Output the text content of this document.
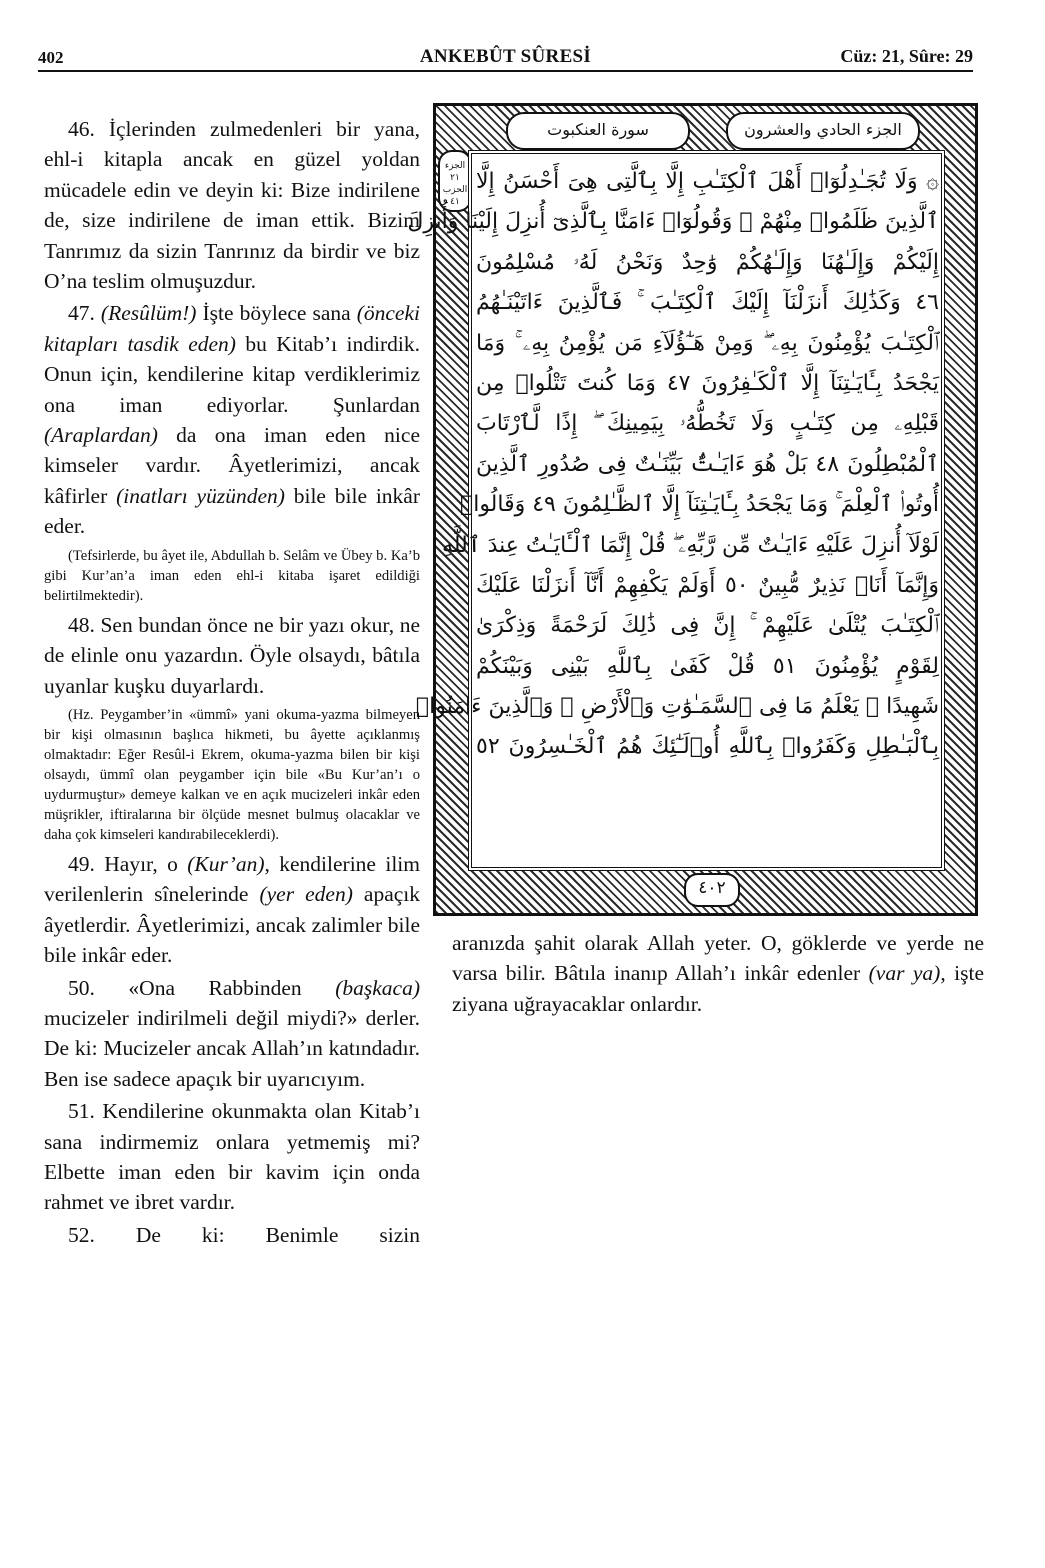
402	ANKEBÛT SÛRESİ	Cüz: 21, Sûre: 29

46. İçlerinden zulmedenleri bir yana, ehl-i kitapla ancak en güzel yoldan mücadele edin ve deyin ki: Bize indirilene de, size indirilene de iman ettik. Bizim Tanrımız da sizin Tanrınız da birdir ve biz O’na teslim olmuşuzdur.

47. (Resûlüm!) İşte böylece sana (önceki kitapları tasdik eden) bu Kitab’ı indirdik. Onun için, kendilerine kitap verdiklerimiz ona iman ediyorlar. Şunlardan (Araplardan) da ona iman eden nice kimseler vardır. Âyetlerimizi, ancak kâfirler (inatları yüzünden) bile bile inkâr eder.

(Tefsirlerde, bu âyet ile, Abdullah b. Selâm ve Übey b. Ka’b gibi Kur’an’a iman eden ehl-i kitaba işaret edildiği belirtilmektedir).

48. Sen bundan önce ne bir yazı okur, ne de elinle onu yazardın. Öyle olsaydı, bâtıla uyanlar kuşku duyarlardı.

(Hz. Peygamber’in «ümmî» yani okuma-yazma bilmeyen bir kişi olmasının başlıca hikmeti, bu âyette açıklanmış olmaktadır: Eğer Resûl-i Ekrem, okuma-yazma bilen bir kişi olsaydı, ümmî olan peygamber için bile «Bu Kur’an’ı o uydurmuştur» demeye kalkan ve en açık mucizeleri inkâr eden müşrikler, iftiralarına bir ölçüde mesnet bulmuş olacaklar ve daha çok kimseleri kandırabileceklerdi).

49. Hayır, o (Kur’an), kendilerine ilim verilenlerin sînelerinde (yer eden) apaçık âyetlerdir. Âyetlerimizi, ancak zalimler bile bile inkâr eder.

50. «Ona Rabbinden (başkaca) mucizeler indirilmeli değil miydi?» derler. De ki: Mucizeler ancak Allah’ın katındadır. Ben ise sadece apaçık bir uyarıcıyım.

51. Kendilerine okunmakta olan Kitab’ı sana indirmemiz onlara yetmemiş mi? Elbette iman eden bir kavim için onda rahmet ve ibret vardır.

52. De ki: Benimle sizin

سورة العنكبوت	الجزء الحادي والعشرون
الجزء ٢١ الحزب ٤١
۞ وَلَا تُجَـٰدِلُوٓا۟ أَهْلَ ٱلْكِتَـٰبِ إِلَّا بِٱلَّتِى هِىَ أَحْسَنُ إِلَّا
ٱلَّذِينَ ظَلَمُوا۟ مِنْهُمْ ۖ وَقُولُوٓا۟ ءَامَنَّا بِٱلَّذِىٓ أُنزِلَ إِلَيْنَا وَأُنزِلَ
إِلَيْكُمْ وَإِلَـٰهُنَا وَإِلَـٰهُكُمْ وَٰحِدٌ وَنَحْنُ لَهُۥ مُسْلِمُونَ
٤٦ وَكَذَٰلِكَ أَنزَلْنَآ إِلَيْكَ ٱلْكِتَـٰبَ ۚ فَٱلَّذِينَ ءَاتَيْنَـٰهُمُ
ٱلْكِتَـٰبَ يُؤْمِنُونَ بِهِۦ ۖ وَمِنْ هَـٰٓؤُلَآءِ مَن يُؤْمِنُ بِهِۦ ۚ وَمَا
يَجْحَدُ بِـَٔايَـٰتِنَآ إِلَّا ٱلْكَـٰفِرُونَ ٤٧ وَمَا كُنتَ تَتْلُوا۟ مِن
قَبْلِهِۦ مِن كِتَـٰبٍ وَلَا تَخُطُّهُۥ بِيَمِينِكَ ۖ إِذًا لَّٱرْتَابَ
ٱلْمُبْطِلُونَ ٤٨ بَلْ هُوَ ءَايَـٰتٌۢ بَيِّنَـٰتٌ فِى صُدُورِ ٱلَّذِينَ
أُوتُوا۟ ٱلْعِلْمَ ۚ وَمَا يَجْحَدُ بِـَٔايَـٰتِنَآ إِلَّا ٱلظَّـٰلِمُونَ ٤٩ وَقَالُوا۟
لَوْلَآ أُنزِلَ عَلَيْهِ ءَايَـٰتٌ مِّن رَّبِّهِۦ ۖ قُلْ إِنَّمَا ٱلْـَٔايَـٰتُ عِندَ ٱللَّهِ
وَإِنَّمَآ أَنَا۠ نَذِيرٌ مُّبِينٌ ٥٠ أَوَلَمْ يَكْفِهِمْ أَنَّآ أَنزَلْنَا عَلَيْكَ
ٱلْكِتَـٰبَ يُتْلَىٰ عَلَيْهِمْ ۚ إِنَّ فِى ذَٰلِكَ لَرَحْمَةً وَذِكْرَىٰ
لِقَوْمٍ يُؤْمِنُونَ ٥١ قُلْ كَفَىٰ بِٱللَّهِ بَيْنِى وَبَيْنَكُمْ
شَهِيدًا ۖ يَعْلَمُ مَا فِى ٱلسَّمَـٰوَٰتِ وَٱلْأَرْضِ ۗ وَٱلَّذِينَ ءَامَنُوا۟
بِٱلْبَـٰطِلِ وَكَفَرُوا۟ بِٱللَّهِ أُو۟لَـٰٓئِكَ هُمُ ٱلْخَـٰسِرُونَ ٥٢
٤٠٢

aranızda şahit olarak Allah yeter. O, göklerde ve yerde ne varsa bilir. Bâtıla inanıp Allah’ı inkâr edenler (var ya), işte ziyana uğrayacaklar onlardır.
